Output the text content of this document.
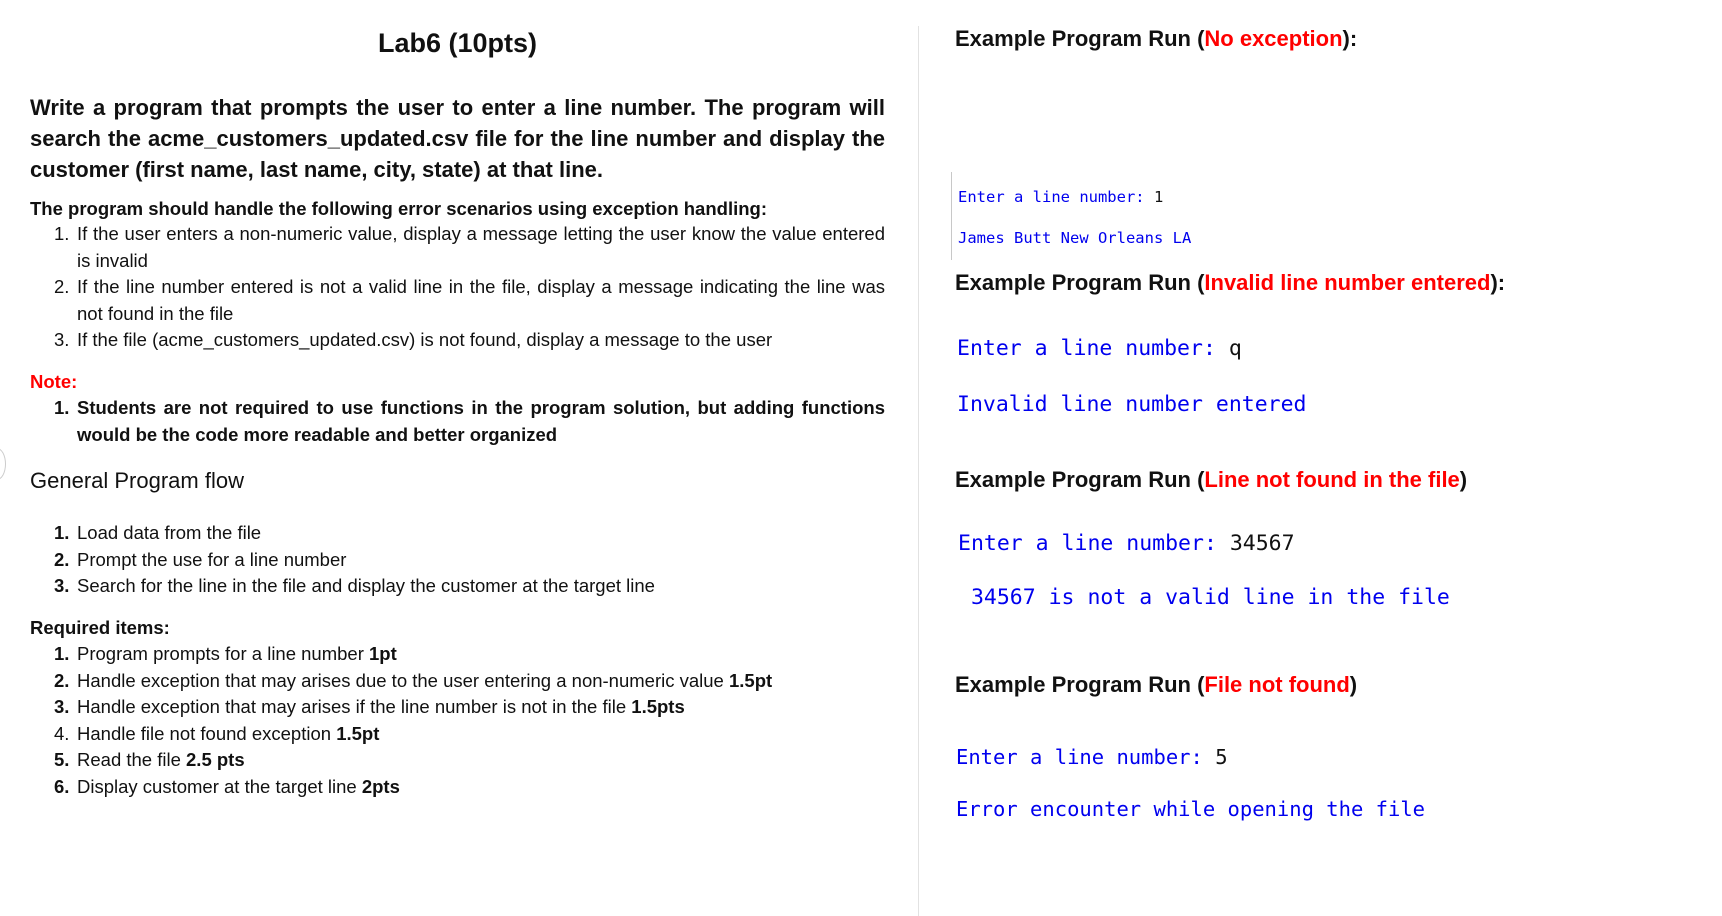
Lab6 (10pts)
Write a program that prompts the user to enter a line number. The program will search the acme_customers_updated.csv file for the line number and display the customer (first name, last name, city, state) at that line.
The program should handle the following error scenarios using exception handling:
1. If the user enters a non-numeric value, display a message letting the user know the value entered is invalid
2. If the line number entered is not a valid line in the file, display a message indicating the line was not found in the file
3. If the file (acme_customers_updated.csv) is not found, display a message to the user
Note:
1. Students are not required to use functions in the program solution, but adding functions would be the code more readable and better organized
General Program flow
1. Load data from the file
2. Prompt the use for a line number
3. Search for the line in the file and display the customer at the target line
Required items:
1. Program prompts for a line number 1pt
2. Handle exception that may arises due to the user entering a non-numeric value 1.5pt
3. Handle exception that may arises if the line number is not in the file 1.5pts
4. Handle file not found exception 1.5pt
5. Read the file 2.5 pts
6. Display customer at the target line 2pts
Example Program Run (No exception):
Enter a line number: 1
James Butt New Orleans LA
Example Program Run (Invalid line number entered):
Enter a line number: q
Invalid line number entered
Example Program Run (Line not found in the file)
Enter a line number: 34567
34567 is not a valid line in the file
Example Program Run (File not found)
Enter a line number: 5
Error encounter while opening the file
